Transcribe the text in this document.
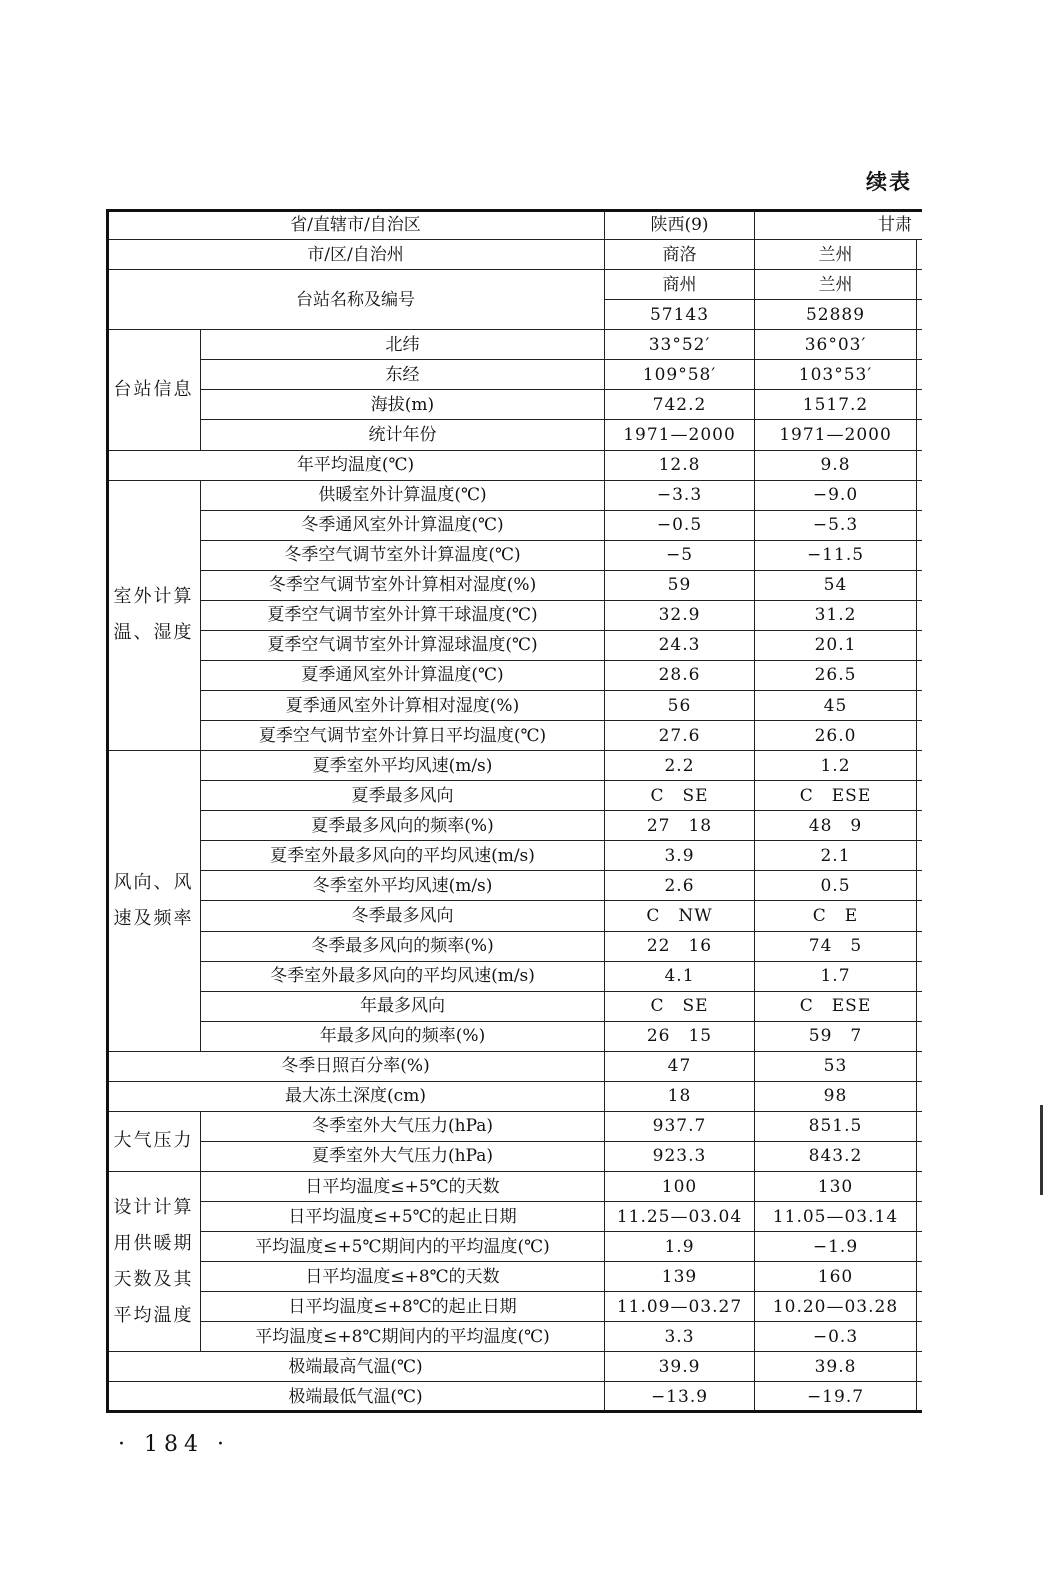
续表
省/直辖市/自治区		陕西(9)	甘肃	
市/区/自治州		商洛	兰州	
台站名称及编号		商州	兰州	
		57143	52889	
台站信息	北纬	33°52′	36°03′	
	东经	109°58′	103°53′	
	海拔(m)	742.2	1517.2	
	统计年份	1971—2000	1971—2000	
年平均温度(℃)		12.8	9.8	
室外计算温、湿度	供暖室外计算温度(℃)	−3.3	−9.0	
	冬季通风室外计算温度(℃)	−0.5	−5.3	
	冬季空气调节室外计算温度(℃)	−5	−11.5	
	冬季空气调节室外计算相对湿度(%)	59	54	
	夏季空气调节室外计算干球温度(℃)	32.9	31.2	
	夏季空气调节室外计算湿球温度(℃)	24.3	20.1	
	夏季通风室外计算温度(℃)	28.6	26.5	
	夏季通风室外计算相对湿度(%)	56	45	
	夏季空气调节室外计算日平均温度(℃)	27.6	26.0	
风向、风速及频率	夏季室外平均风速(m/s)	2.2	1.2	
	夏季最多风向	C　SE	C　ESE	
	夏季最多风向的频率(%)	27　18	48　9	
	夏季室外最多风向的平均风速(m/s)	3.9	2.1	
	冬季室外平均风速(m/s)	2.6	0.5	
	冬季最多风向	C　NW	C　E	
	冬季最多风向的频率(%)	22　16	74　5	
	冬季室外最多风向的平均风速(m/s)	4.1	1.7	
	年最多风向	C　SE	C　ESE	
	年最多风向的频率(%)	26　15	59　7	
冬季日照百分率(%)		47	53	
最大冻土深度(cm)		18	98	
大气压力	冬季室外大气压力(hPa)	937.7	851.5	
	夏季室外大气压力(hPa)	923.3	843.2	
设计计算用供暖期天数及其平均温度	日平均温度≤+5℃的天数	100	130	
	日平均温度≤+5℃的起止日期	11.25—03.04	11.05—03.14	
	平均温度≤+5℃期间内的平均温度(℃)	1.9	−1.9	
	日平均温度≤+8℃的天数	139	160	
	日平均温度≤+8℃的起止日期	11.09—03.27	10.20—03.28	
	平均温度≤+8℃期间内的平均温度(℃)	3.3	−0.3	
极端最高气温(℃)		39.9	39.8	
极端最低气温(℃)		−13.9	−19.7	
· 184 ·
